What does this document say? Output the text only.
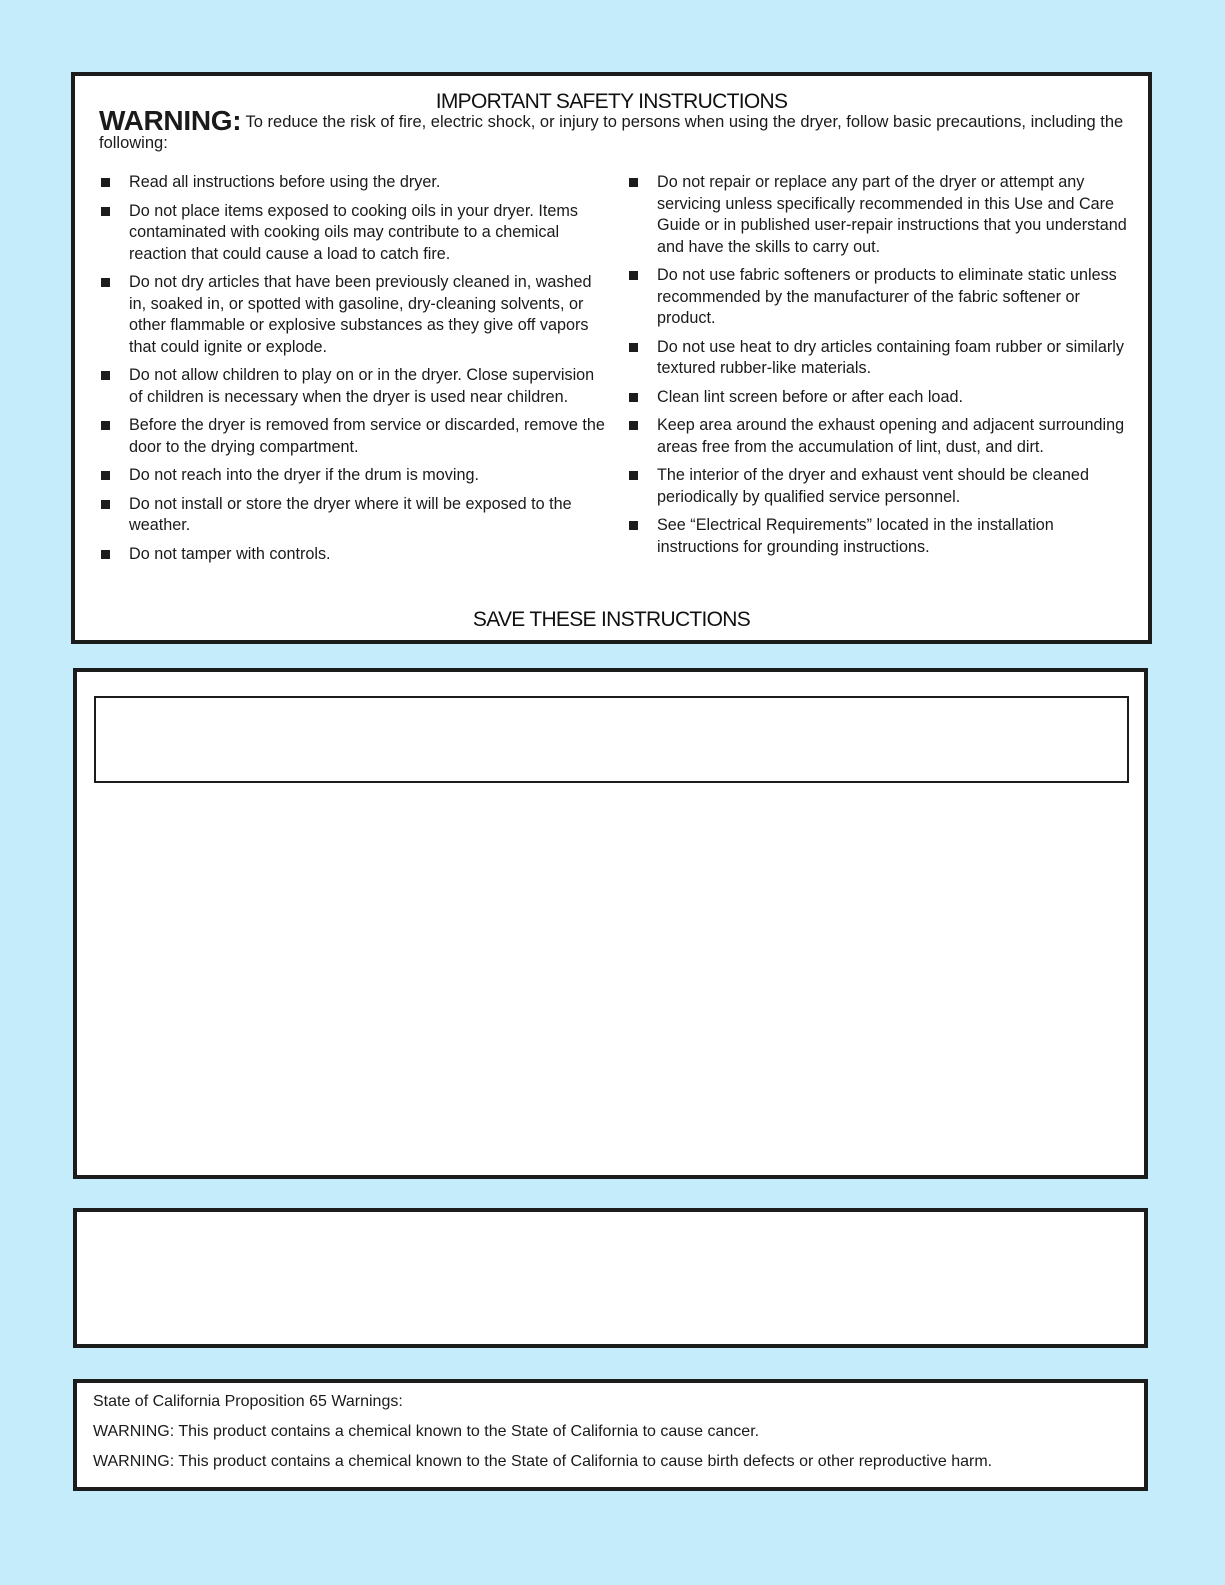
IMPORTANT SAFETY INSTRUCTIONS

WARNING: To reduce the risk of fire, electric shock, or injury to persons when using the dryer, follow basic precautions, including the following:

Read all instructions before using the dryer.
Do not place items exposed to cooking oils in your dryer. Items contaminated with cooking oils may contribute to a chemical reaction that could cause a load to catch fire.
Do not dry articles that have been previously cleaned in, washed in, soaked in, or spotted with gasoline, dry-cleaning solvents, or other flammable or explosive substances as they give off vapors that could ignite or explode.
Do not allow children to play on or in the dryer. Close supervision of children is necessary when the dryer is used near children.
Before the dryer is removed from service or discarded, remove the door to the drying compartment.
Do not reach into the dryer if the drum is moving.
Do not install or store the dryer where it will be exposed to the weather.
Do not tamper with controls.
Do not repair or replace any part of the dryer or attempt any servicing unless specifically recommended in this Use and Care Guide or in published user-repair instructions that you understand and have the skills to carry out.
Do not use fabric softeners or products to eliminate static unless recommended by the manufacturer of the fabric softener or product.
Do not use heat to dry articles containing foam rubber or similarly textured rubber-like materials.
Clean lint screen before or after each load.
Keep area around the exhaust opening and adjacent surrounding areas free from the accumulation of lint, dust, and dirt.
The interior of the dryer and exhaust vent should be cleaned periodically by qualified service personnel.
See “Electrical Requirements” located in the installation instructions for grounding instructions.
SAVE THESE INSTRUCTIONS

State of California Proposition 65 Warnings:

WARNING: This product contains a chemical known to the State of California to cause cancer.

WARNING: This product contains a chemical known to the State of California to cause birth defects or other reproductive harm.
